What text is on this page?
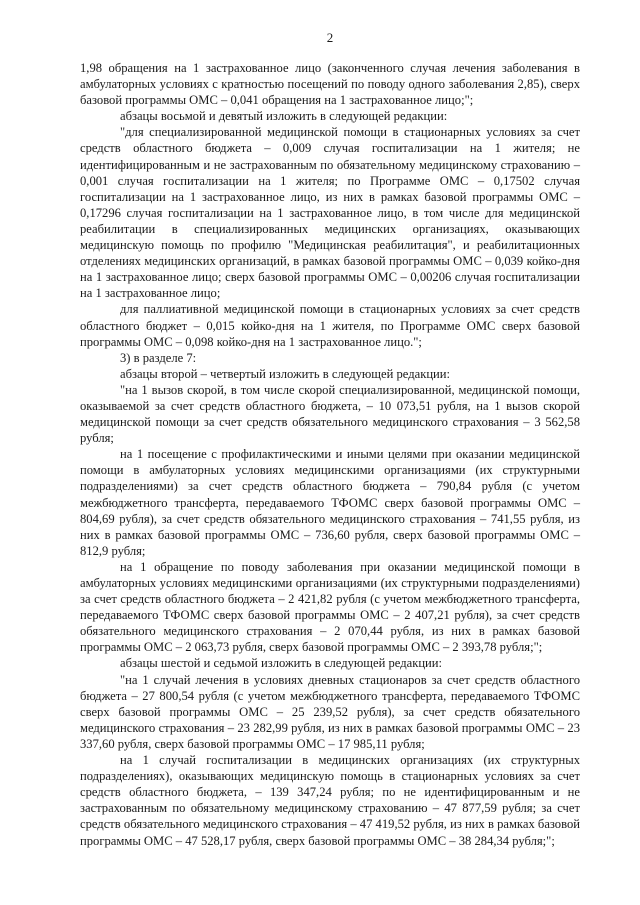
2

1,98 обращения на 1 застрахованное лицо (законченного случая лечения заболевания в амбулаторных условиях с кратностью посещений по поводу одного заболевания 2,85), сверх базовой программы ОМС – 0,041 обращения на 1 застрахованное лицо;";

абзацы восьмой и девятый изложить в следующей редакции:

"для специализированной медицинской помощи в стационарных условиях за счет средств областного бюджета – 0,009 случая госпитализации на 1 жителя; не идентифицированным и не застрахованным по обязательному медицинскому страхованию – 0,001 случая госпитализации на 1 жителя; по Программе ОМС – 0,17502 случая госпитализации на 1 застрахованное лицо, из них в рамках базовой программы ОМС – 0,17296 случая госпитализации на 1 застрахованное лицо, в том числе для медицинской реабилитации в специализированных медицинских организациях, оказывающих медицинскую помощь по профилю "Медицинская реабилитация", и реабилитационных отделениях медицинских организаций, в рамках базовой программы ОМС – 0,039 койко-дня на 1 застрахованное лицо; сверх базовой программы ОМС – 0,00206 случая госпитализации на 1 застрахованное лицо;

для паллиативной медицинской помощи в стационарных условиях за счет средств областного бюджет – 0,015 койко-дня на 1 жителя, по Программе ОМС сверх базовой программы ОМС – 0,098 койко-дня на 1 застрахованное лицо.";

3) в разделе 7:

абзацы второй – четвертый изложить в следующей редакции:

"на 1 вызов скорой, в том числе скорой специализированной, медицинской помощи, оказываемой за счет средств областного бюджета, – 10 073,51 рубля, на 1 вызов скорой медицинской помощи за счет средств обязательного медицинского страхования – 3 562,58 рубля;

на 1 посещение с профилактическими и иными целями при оказании медицинской помощи в амбулаторных условиях медицинскими организациями (их структурными подразделениями) за счет средств областного бюджета – 790,84 рубля (с учетом межбюджетного трансферта, передаваемого ТФОМС сверх базовой программы ОМС – 804,69 рубля), за счет средств обязательного медицинского страхования – 741,55 рубля, из них в рамках базовой программы ОМС – 736,60 рубля, сверх базовой программы ОМС – 812,9 рубля;

на 1 обращение по поводу заболевания при оказании медицинской помощи в амбулаторных условиях медицинскими организациями (их структурными подразделениями) за счет средств областного бюджета – 2 421,82 рубля (с учетом межбюджетного трансферта, передаваемого ТФОМС сверх базовой программы ОМС – 2 407,21 рубля), за счет средств обязательного медицинского страхования – 2 070,44 рубля, из них в рамках базовой программы ОМС – 2 063,73 рубля, сверх базовой программы ОМС – 2 393,78 рубля;";

абзацы шестой и седьмой изложить в следующей редакции:

"на 1 случай лечения в условиях дневных стационаров за счет средств областного бюджета – 27 800,54 рубля (с учетом межбюджетного трансферта, передаваемого ТФОМС сверх базовой программы ОМС – 25 239,52 рубля), за счет средств обязательного медицинского страхования – 23 282,99 рубля, из них в рамках базовой программы ОМС – 23 337,60 рубля, сверх базовой программы ОМС – 17 985,11 рубля;

на 1 случай госпитализации в медицинских организациях (их структурных подразделениях), оказывающих медицинскую помощь в стационарных условиях за счет средств областного бюджета, – 139 347,24 рубля; по не идентифицированным и не застрахованным по обязательному медицинскому страхованию – 47 877,59 рубля; за счет средств обязательного медицинского страхования – 47 419,52 рубля, из них в рамках базовой программы ОМС – 47 528,17 рубля, сверх базовой программы ОМС – 38 284,34 рубля;";
